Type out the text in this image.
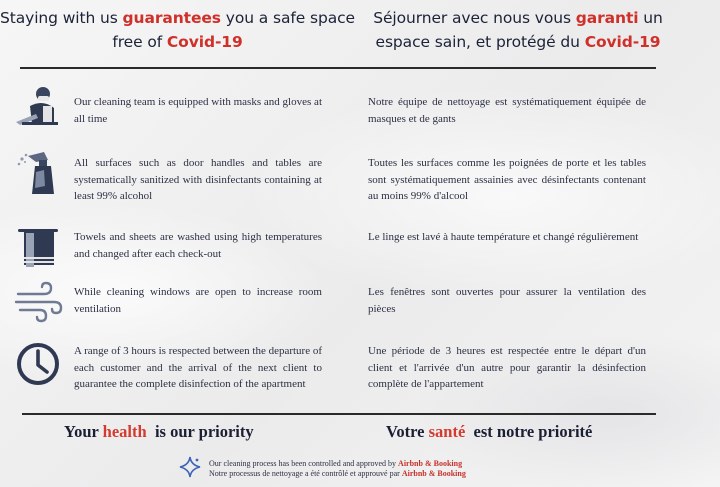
Staying with us guarantees you a safe space free of Covid-19
Séjourner avec nous vous garanti un espace sain, et protégé du Covid-19
Our cleaning team is equipped with masks and gloves at all time
Notre équipe de nettoyage est systématiquement équipée de masques et de gants
All surfaces such as door handles and tables are systematically sanitized with disinfectants containing at least 99% alcohol
Toutes les surfaces comme les poignées de porte et les tables sont systématiquement assainies avec désinfectants contenant au moins 99% d'alcool
Towels and sheets are washed using high temperatures and changed after each check-out
Le linge est lavé à haute température et changé régulièrement
While cleaning windows are open to increase room ventilation
Les fenêtres sont ouvertes pour assurer la ventilation des pièces
A range of 3 hours is respected between the departure of each customer and the arrival of the next client to guarantee the complete disinfection of the apartment
Une période de 3 heures est respectée entre le départ d'un client et l'arrivée d'un autre pour garantir la désinfection complète de l'appartement
Your health  is our priority	Votre santé  est notre priorité
Our cleaning process has been controlled and approved by Airbnb & Booking
Notre processus de nettoyage a été contrôlé et approuvé par Airbnb & Booking
